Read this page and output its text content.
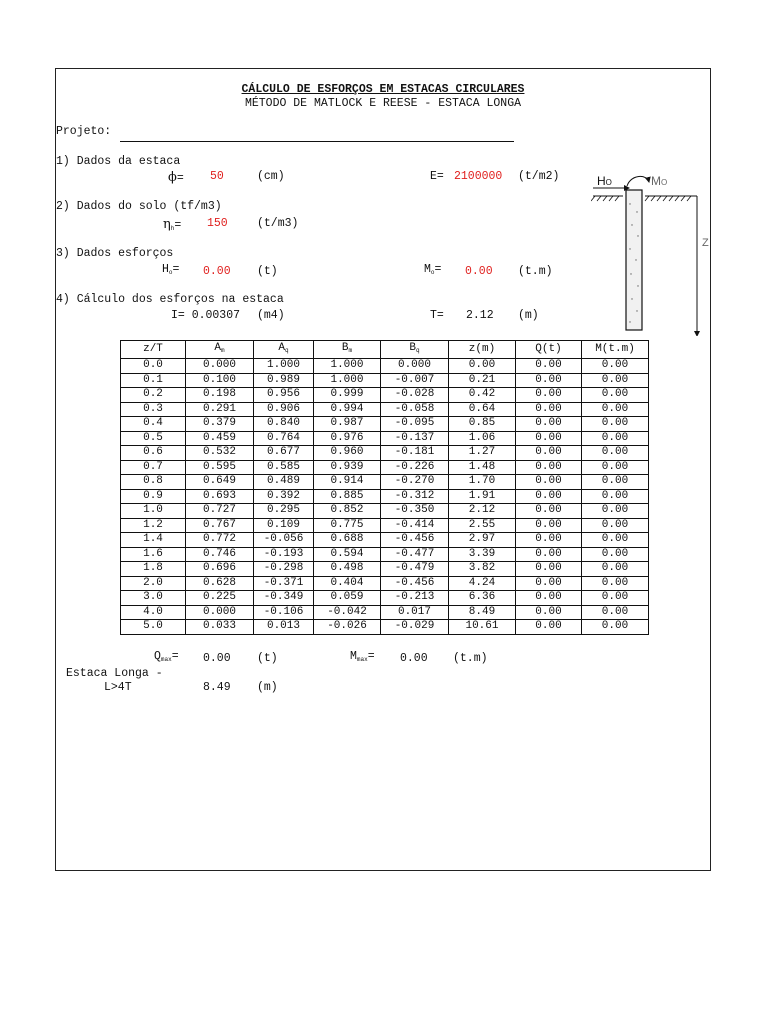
CÁLCULO DE ESFORÇOS EM ESTACAS CIRCULARES
MÉTODO DE MATLOCK E REESE - ESTACA LONGA
Projeto:
1) Dados da estaca
ϕ= 50	(cm)	E= 2100000 (t/m2)
2) Dados do solo (tf/m3)
$\eta_h= 150$	(t/m3)
3) Dados esforços
$H_o= 0.00$ (t)	$M_o= 0.00$ (t.m)
4) Cálculo dos esforços na estaca
I= 0.00307 (m4)	T= 2.12 (m)
HO	MO
Z
z/T	$A_m$	$A_q$	$B_m$	$B_q$	z(m)	Q(t)	M(t.m)
0.0	0.000	1.000	1.000	0.000	0.00	0.00	0.00
0.1	0.100	0.989	1.000	-0.007	0.21	0.00	0.00
0.2	0.198	0.956	0.999	-0.028	0.42	0.00	0.00
0.3	0.291	0.906	0.994	-0.058	0.64	0.00	0.00
0.4	0.379	0.840	0.987	-0.095	0.85	0.00	0.00
0.5	0.459	0.764	0.976	-0.137	1.06	0.00	0.00
0.6	0.532	0.677	0.960	-0.181	1.27	0.00	0.00
0.7	0.595	0.585	0.939	-0.226	1.48	0.00	0.00
0.8	0.649	0.489	0.914	-0.270	1.70	0.00	0.00
0.9	0.693	0.392	0.885	-0.312	1.91	0.00	0.00
1.0	0.727	0.295	0.852	-0.350	2.12	0.00	0.00
1.2	0.767	0.109	0.775	-0.414	2.55	0.00	0.00
1.4	0.772	-0.056	0.688	-0.456	2.97	0.00	0.00
1.6	0.746	-0.193	0.594	-0.477	3.39	0.00	0.00
1.8	0.696	-0.298	0.498	-0.479	3.82	0.00	0.00
2.0	0.628	-0.371	0.404	-0.456	4.24	0.00	0.00
3.0	0.225	-0.349	0.059	-0.213	6.36	0.00	0.00
4.0	0.000	-0.106	-0.042	0.017	8.49	0.00	0.00
5.0	0.033	0.013	-0.026	-0.029	10.61	0.00	0.00
$Q_{max}= 0.00$ (t)	$M_{max}= 0.00$ (t.m)
Estaca Longa -
L>4T	8.49 (m)
